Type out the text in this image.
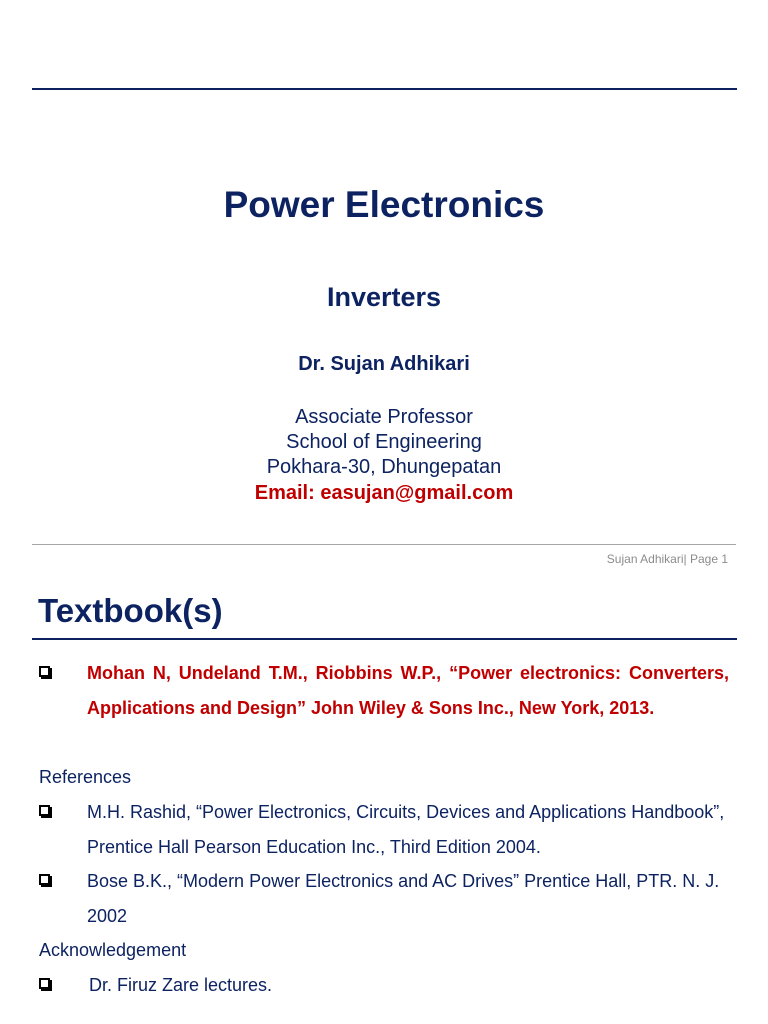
Power Electronics
Inverters
Dr. Sujan Adhikari
Associate Professor
School of Engineering
Pokhara-30, Dhungepatan
Email: easujan@gmail.com
Sujan Adhikari| Page 1
Textbook(s)
Mohan N, Undeland T.M., Riobbins W.P., “Power electronics: Converters, Applications and Design” John Wiley & Sons Inc., New York, 2013.
References
M.H. Rashid, “Power Electronics, Circuits, Devices and Applications Handbook”, Prentice Hall Pearson Education Inc., Third Edition 2004.
Bose B.K., “Modern Power Electronics and AC Drives” Prentice Hall, PTR. N. J. 2002
Acknowledgement
Dr. Firuz Zare lectures.
